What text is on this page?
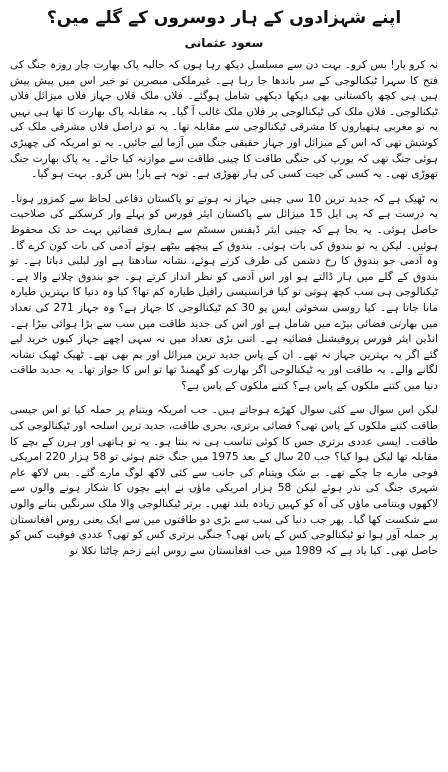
اپنے شہزادوں کے ہار دوسروں کے گلے میں؟
سعود عثمانی

نہ کرو یار! بس کرو۔ بہت دن سے مسلسل دیکھ رہا ہوں کہ حالیہ پاک بھارت چار روزہ جنگ کی فتح کا سہرا ٹیکنالوجی کے سر باندھا جا رہا ہے۔ غیرملکی مبصرین تو خیر اس میں پیش پیش ہیں ہی کچھ پاکستانی بھی دیکھا دیکھی شامل ہوگئے۔ فلاں ملک فلاں جہاز فلاں میزائل فلاں ٹیکنالوجی۔ فلاں ملک کی ٹیکنالوجی پر فلاں ملک غالب آ گیا۔ یہ مقابلہ پاک بھارت کا تھا ہی نہیں یہ تو مغربی ہتھیاروں کا مشرقی ٹیکنالوجی سے مقابلہ تھا۔ یہ تو دراصل فلاں مشرقی ملک کی کوشش تھی کہ اس کے میزائل اور جہاز حقیقی جنگ میں آزما لیے جائیں۔ یہ تو امریکہ کی چھیڑی ہوئی جنگ تھی کہ یورپ کی جنگی طاقت کا چینی طاقت سے موازنہ کیا جائے۔ یہ پاک بھارت جنگ تھوڑی تھی۔ یہ کسی کی جیت کسی کی ہار تھوڑی ہے۔ توبہ ہے یار! بس کرو۔ بہت ہو گیا۔

یہ ٹھیک ہے کہ جدید ترین 10 سی چینی جہاز نہ ہوتے تو پاکستان دفاعی لحاظ سے کمزور ہوتا۔ یہ درست ہے کہ پی ایل 15 میزائل سے پاکستان ایئر فورس کو پہلے وار کرسکنے کی صلاحیت حاصل ہوئی۔ یہ بجا ہے کہ چینی ایئر ڈیفنس سسٹم سے ہماری فضائیں بہت حد تک محفوظ ہوئیں۔ لیکن یہ تو بندوق کی بات ہوئی۔ بندوق کے پیچھے بیٹھے ہوئے آدمی کی بات کون کرے گا۔ وہ آدمی جو بندوق کا رخ دشمن کی طرف کرتے ہوئے، نشانہ سادھتا ہے اور لبلبی دباتا ہے۔ تو بندوق کے گلے میں ہار ڈالتے ہو اور اس آدمی کو نظر انداز کرتے ہو۔ جو بندوق چلانے والا ہے۔ ٹیکنالوجی ہی سب کچھ ہوتی تو کیا فرانسیسی رافیل طیارہ کم تھا؟ کیا وہ دنیا کا بہترین طیارہ مانا جاتا ہے۔ کیا روسی سخوئی ایس یو 30 کم ٹیکنالوجی کا جہاز ہے؟ وہ جہاز 271 کی تعداد میں بھارتی فضائی بیڑے میں شامل ہے اور اس کی جدید طاقت میں سب سے بڑا ہوائی بیڑا ہے۔ انڈین ایئر فورس پروفیشنل فضائیہ ہے۔ اتنی بڑی تعداد میں نہ سہی اچھے جہاز کیوں خرید لیے گئے اگر یہ بہترین جہاز نہ تھے۔ ان کے پاس جدید ترین میزائل اور بم بھی تھے۔ ٹھیک ٹھیک نشانہ لگانے والے۔ یہ طاقت اور یہ ٹیکنالوجی اگر بھارت کو گھمنڈ تھا تو اس کا جواز تھا۔ یہ جدید طاقت دنیا میں کتنے ملکوں کے پاس ہے؟ کتنے ملکوں کے پاس ہے؟

لیکن اس سوال سے کئی سوال کھڑے ہوجاتے ہیں۔ جب امریکہ ویتنام پر حملہ کیا تو اس جیسی طاقت کتنے ملکوں کے پاس تھی؟ فضائی برتری، بحری طاقت، جدید ترین اسلحہ اور ٹیکنالوجی کی طاقت۔ ایسی عددی برتری جس کا کوئی تناسب ہی نہ بنتا ہو۔ یہ تو ہاتھی اور ہرن کے بچے کا مقابلہ تھا لیکن ہوا کیا؟ جب 20 سال کے بعد 1975 میں جنگ ختم ہوئی تو 58 ہزار 220 امریکی فوجی مارے جا چکے تھے۔ بے شک ویتنام کی جانب سے کئی لاکھ لوگ مارے گئے۔ بس لاکھ عام شہری جنگ کی نذر ہوئے لیکن 58 ہزار امریکی ماؤں نے اپنے بچوں کا شکار ہونے والوں سے لاکھوں ویتنامی ماؤں کی آہ کو کہیں زیادہ بلند تھیں۔ برتر ٹیکنالوجی والا ملک سرنگیں بنانے والوں سے شکست کھا گیا۔ پھر جب دنیا کی سب سے بڑی دو طاقتوں میں سے ایک یعنی روس افغانستان پر حملہ آور ہوا تو ٹیکنالوجی کس کے پاس تھی؟ جنگی برتری کس کو تھی؟ عددی فوقیت کس کو حاصل تھی۔ کیا یاد ہے کہ 1989 میں جب افغانستان سے روس اپنے زخم چاٹتا نکلا تو
